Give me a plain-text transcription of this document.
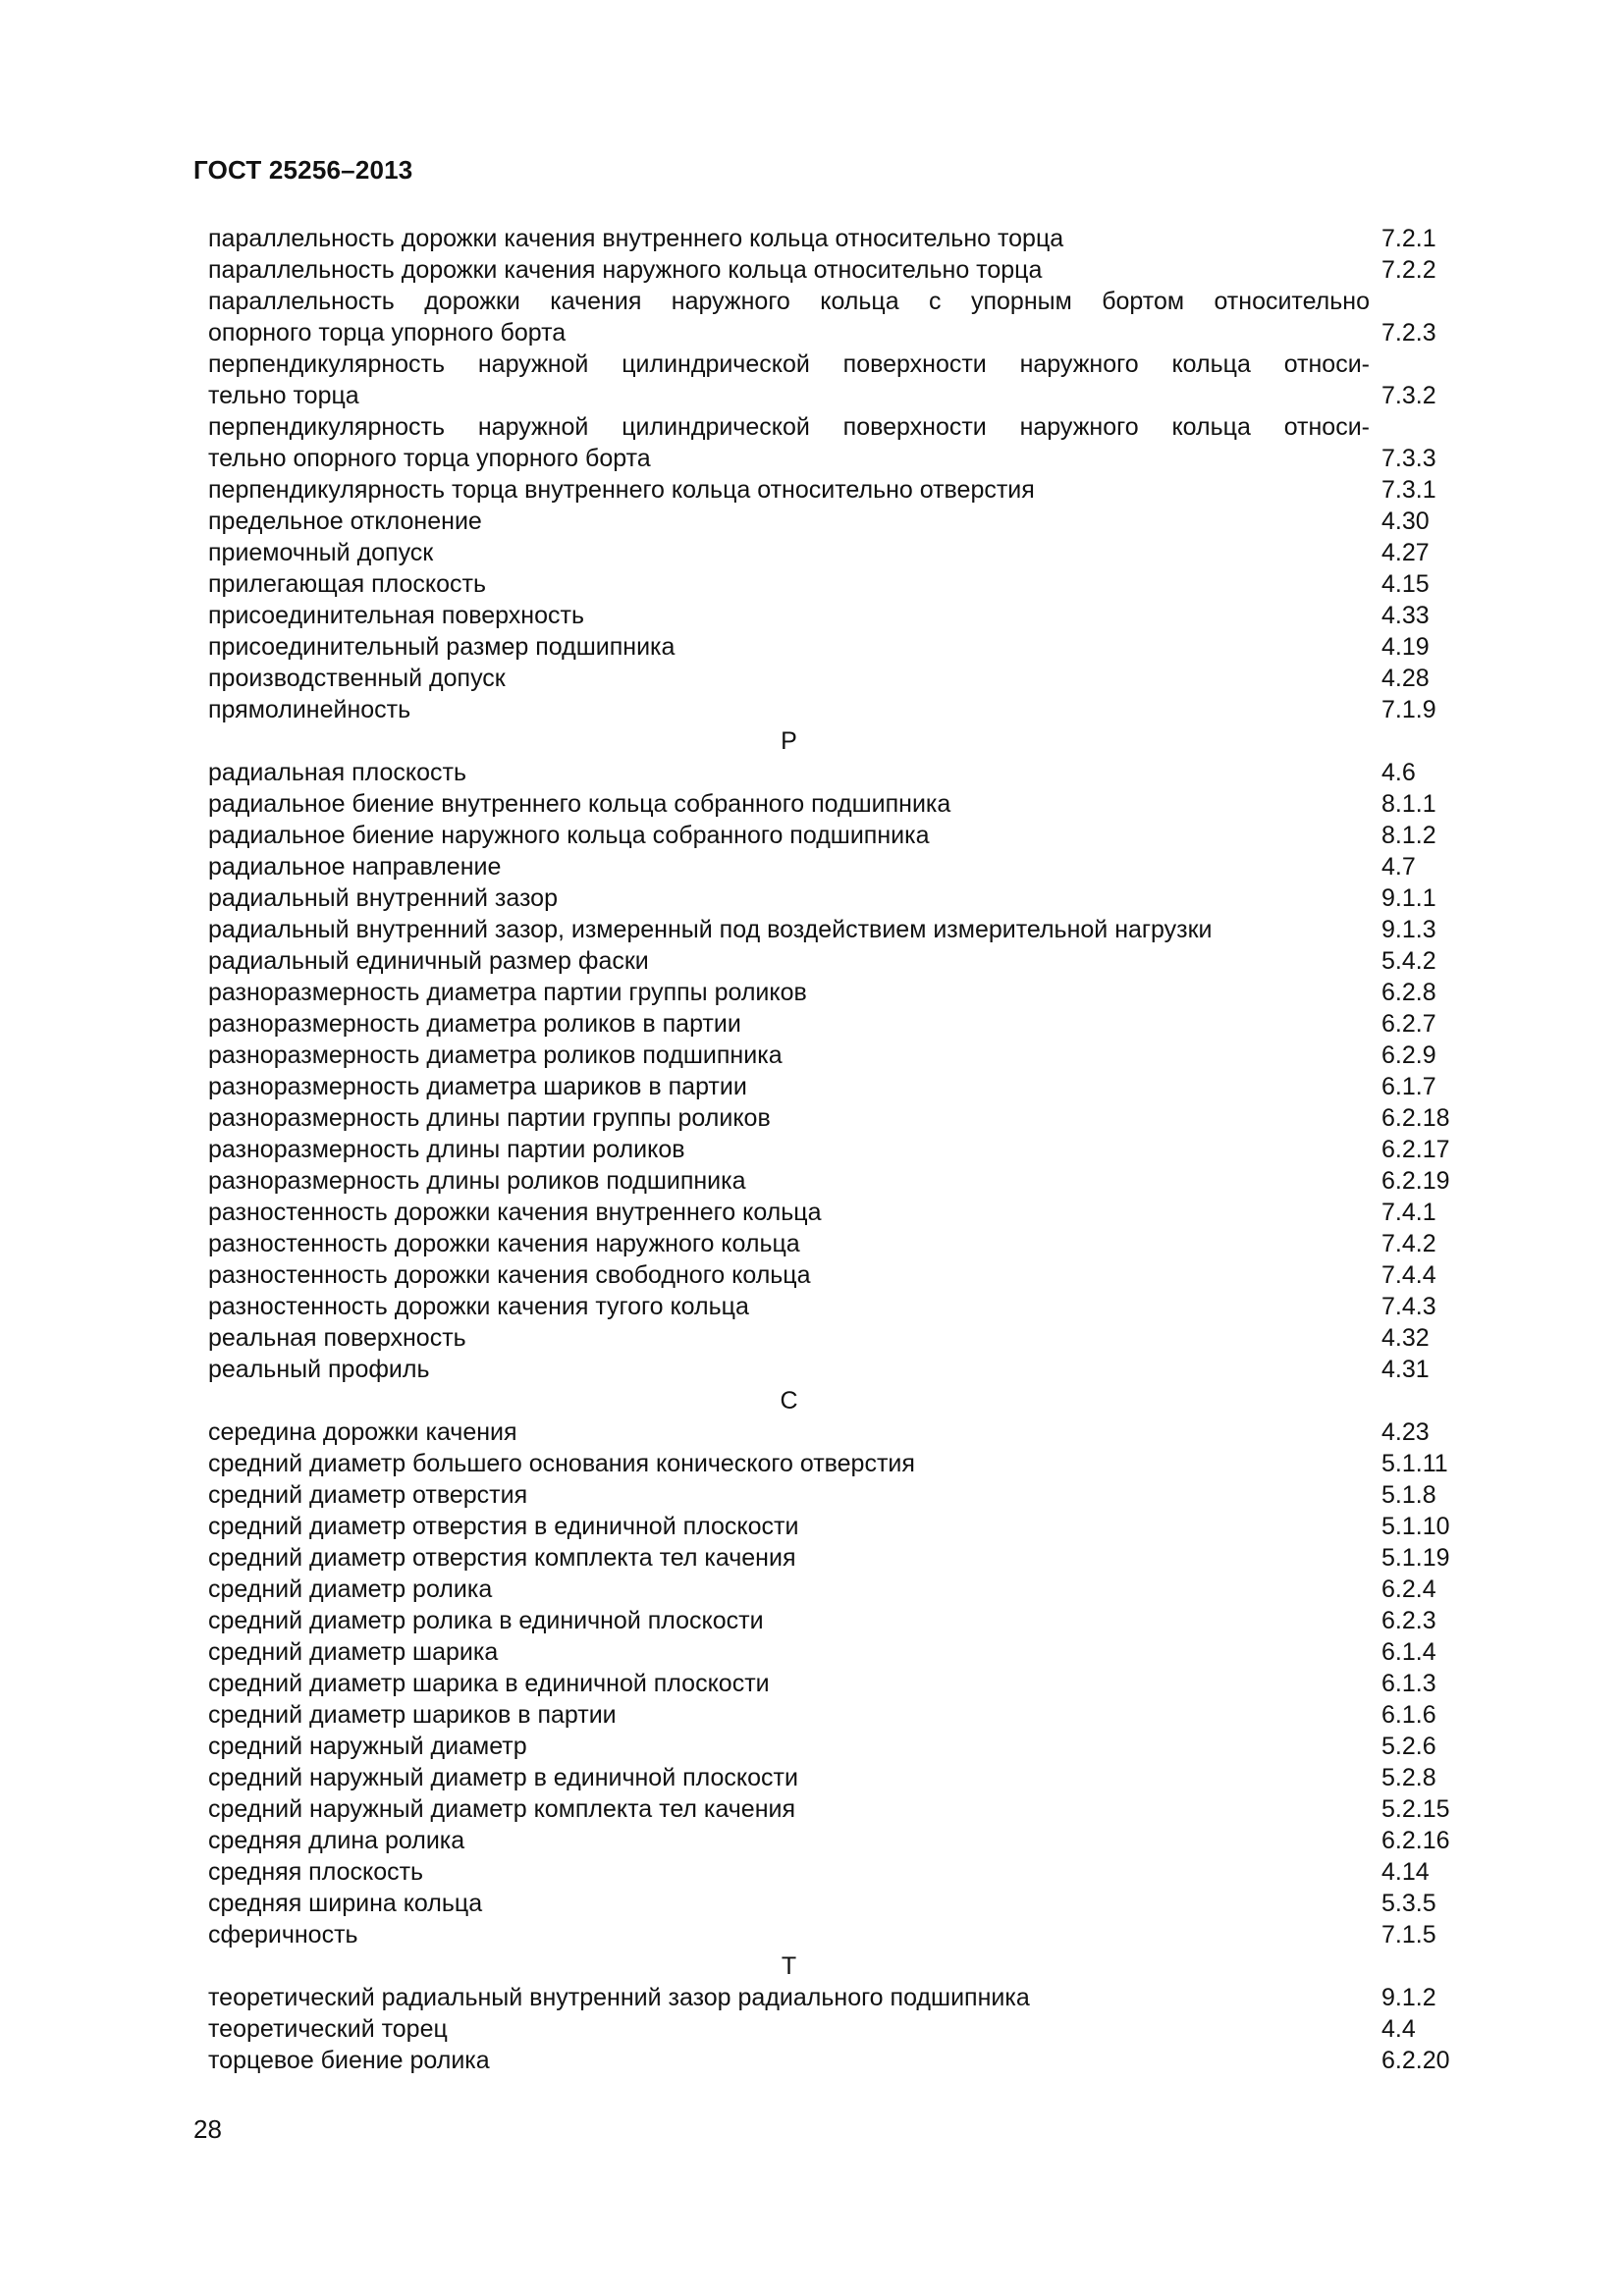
ГОСТ 25256–2013
параллельность дорожки качения внутреннего кольца относительно торца	7.2.1
параллельность дорожки качения наружного кольца относительно торца	7.2.2
параллельность дорожки качения наружного кольца с упорным бортом относительно
опорного торца упорного борта	7.2.3
перпендикулярность наружной цилиндрической поверхности наружного кольца относи-
тельно торца	7.3.2
перпендикулярность наружной цилиндрической поверхности наружного кольца относи-
тельно опорного торца упорного борта	7.3.3
перпендикулярность торца внутреннего кольца относительно отверстия	7.3.1
предельное отклонение	4.30
приемочный допуск	4.27
прилегающая плоскость	4.15
присоединительная поверхность	4.33
присоединительный размер подшипника	4.19
производственный допуск	4.28
прямолинейность	7.1.9
Р
радиальная плоскость	4.6
радиальное биение внутреннего кольца собранного подшипника	8.1.1
радиальное биение наружного кольца собранного подшипника	8.1.2
радиальное направление	4.7
радиальный внутренний зазор	9.1.1
радиальный внутренний зазор, измеренный под воздействием измерительной нагрузки	9.1.3
радиальный единичный размер фаски	5.4.2
разноразмерность диаметра партии группы роликов	6.2.8
разноразмерность диаметра роликов в партии	6.2.7
разноразмерность диаметра роликов подшипника	6.2.9
разноразмерность диаметра шариков в партии	6.1.7
разноразмерность длины партии группы роликов	6.2.18
разноразмерность длины партии роликов	6.2.17
разноразмерность длины роликов подшипника	6.2.19
разностенность дорожки качения внутреннего кольца	7.4.1
разностенность дорожки качения наружного кольца	7.4.2
разностенность дорожки качения свободного кольца	7.4.4
разностенность дорожки качения тугого кольца	7.4.3
реальная поверхность	4.32
реальный профиль	4.31
С
середина дорожки качения	4.23
средний диаметр большего основания конического отверстия	5.1.11
средний диаметр отверстия	5.1.8
средний диаметр отверстия в единичной плоскости	5.1.10
средний диаметр отверстия комплекта тел качения	5.1.19
средний диаметр ролика	6.2.4
средний диаметр ролика в единичной плоскости	6.2.3
средний диаметр шарика	6.1.4
средний диаметр шарика в единичной плоскости	6.1.3
средний диаметр шариков в партии	6.1.6
средний наружный диаметр	5.2.6
средний наружный диаметр в единичной плоскости	5.2.8
средний наружный диаметр комплекта тел качения	5.2.15
средняя длина ролика	6.2.16
средняя плоскость	4.14
средняя ширина кольца	5.3.5
сферичность	7.1.5
Т
теоретический радиальный внутренний зазор радиального подшипника	9.1.2
теоретический торец	4.4
торцевое биение ролика	6.2.20
28
